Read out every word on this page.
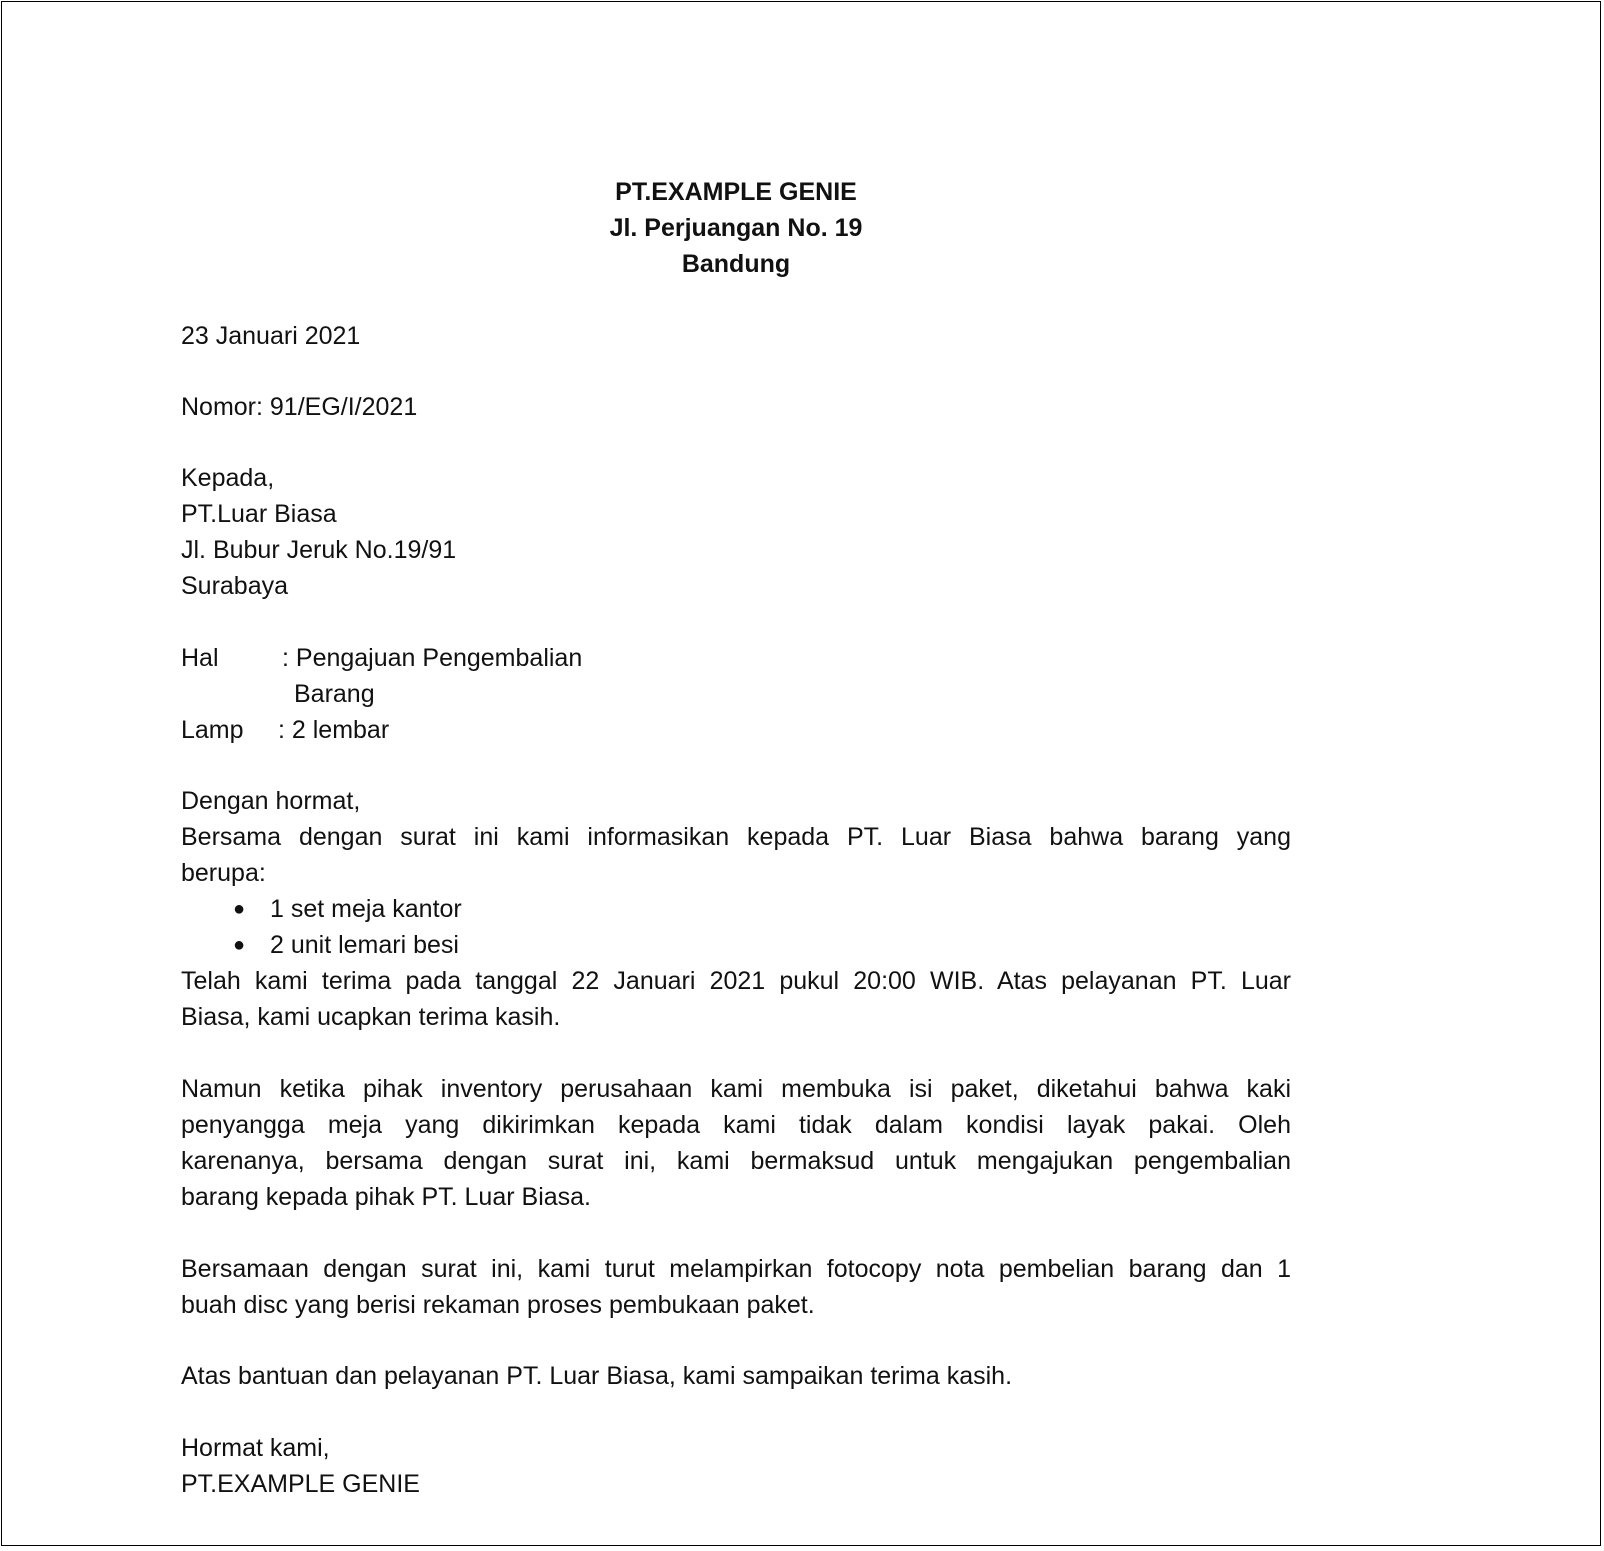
PT.EXAMPLE GENIE
Jl. Perjuangan No. 19
Bandung
23 Januari 2021
Nomor: 91/EG/I/2021
Kepada,
PT.Luar Biasa
Jl. Bubur Jeruk No.19/91
Surabaya
Hal	: Pengajuan Pengembalian
Barang
Lamp : 2 lembar
Dengan hormat,
Bersama dengan surat ini kami informasikan kepada PT. Luar Biasa bahwa barang yang
berupa:
● 1 set meja kantor
● 2 unit lemari besi
Telah kami terima pada tanggal 22 Januari 2021 pukul 20:00 WIB. Atas pelayanan PT. Luar
Biasa, kami ucapkan terima kasih.
Namun ketika pihak inventory perusahaan kami membuka isi paket, diketahui bahwa kaki
penyangga meja yang dikirimkan kepada kami tidak dalam kondisi layak pakai. Oleh
karenanya, bersama dengan surat ini, kami bermaksud untuk mengajukan pengembalian
barang kepada pihak PT. Luar Biasa.
Bersamaan dengan surat ini, kami turut melampirkan fotocopy nota pembelian barang dan 1
buah disc yang berisi rekaman proses pembukaan paket.
Atas bantuan dan pelayanan PT. Luar Biasa, kami sampaikan terima kasih.
Hormat kami,
PT.EXAMPLE GENIE
